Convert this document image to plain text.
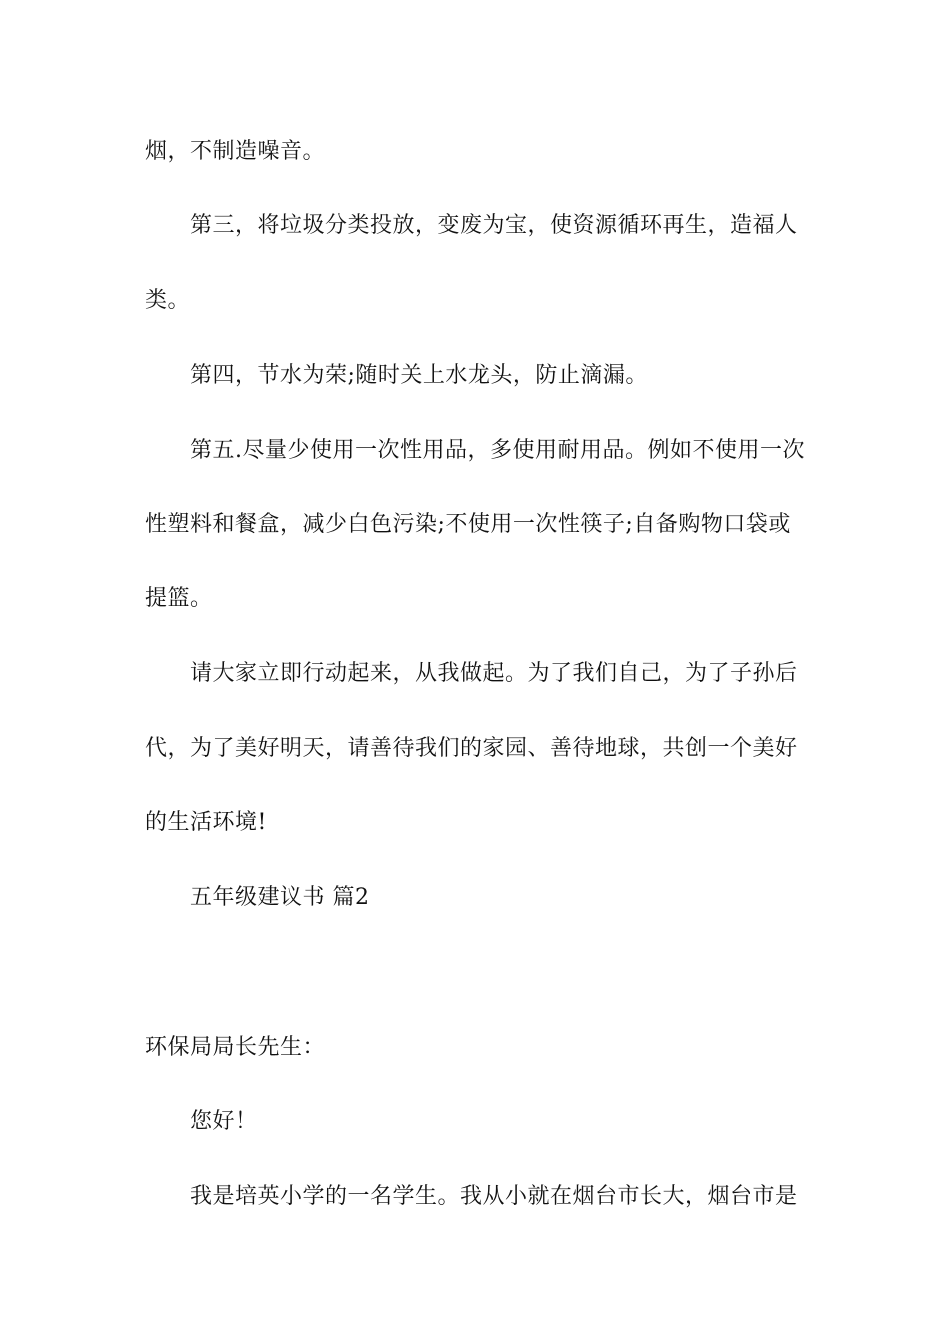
烟，不制造噪音。
第三，将垃圾分类投放，变废为宝，使资源循环再生，造福人
类。
第四，节水为荣;随时关上水龙头，防止滴漏。
第五.尽量少使用一次性用品，多使用耐用品。例如不使用一次
性塑料和餐盒，减少白色污染;不使用一次性筷子;自备购物口袋或
提篮。
请大家立即行动起来，从我做起。为了我们自己，为了子孙后
代，为了美好明天，请善待我们的家园、善待地球，共创一个美好
的生活环境!
五年级建议书 篇2
环保局局长先生：
您好！
我是培英小学的一名学生。我从小就在烟台市长大，烟台市是
